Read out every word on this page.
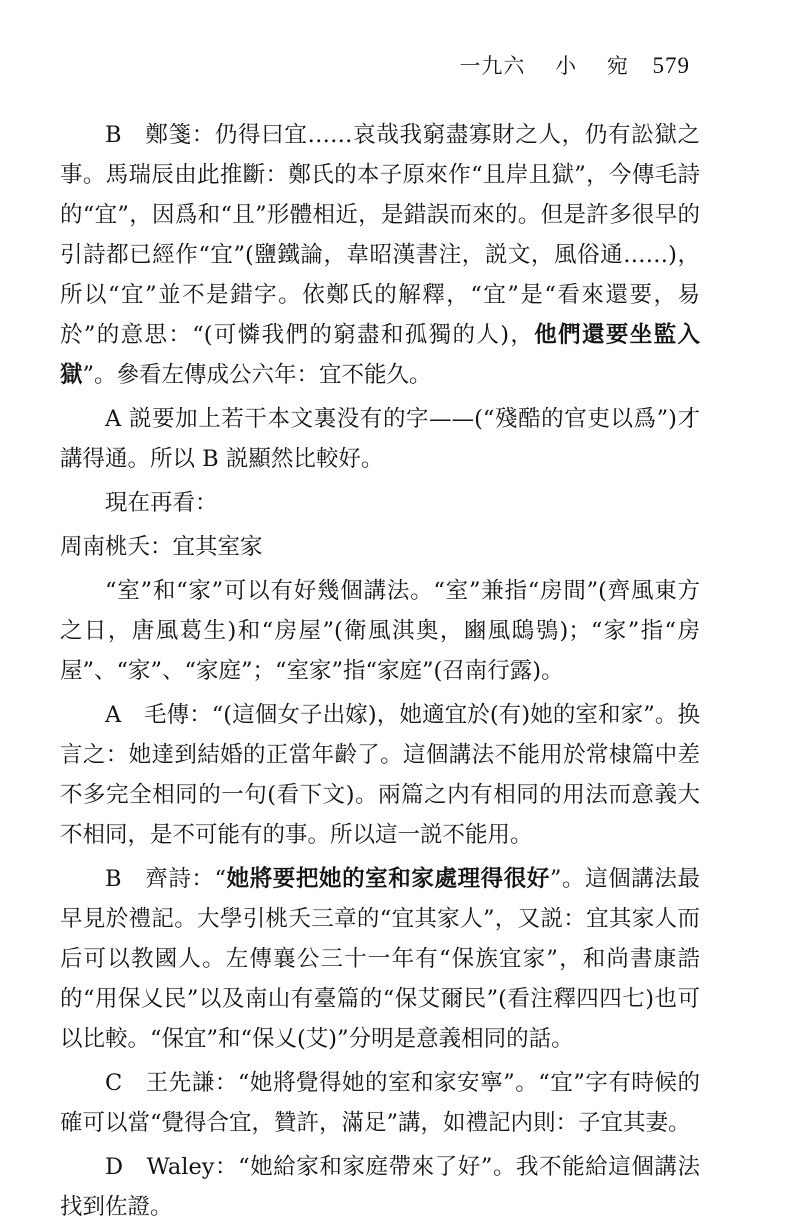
一九六 小 宛 579

B　鄭箋：仍得曰宜……哀哉我窮盡寡財之人，仍有訟獄之事。馬瑞辰由此推斷：鄭氏的本子原來作“且岸且獄”，今傳毛詩的“宜”，因爲和“且”形體相近，是錯誤而來的。但是許多很早的引詩都已經作“宜”(鹽鐵論，韋昭漢書注，説文，風俗通……)，所以“宜”並不是錯字。依鄭氏的解釋，“宜”是“看來還要，易於”的意思：“(可憐我們的窮盡和孤獨的人)，他們還要坐監入獄”。參看左傳成公六年：宜不能久。

A 説要加上若干本文裏没有的字——(“殘酷的官吏以爲”)才講得通。所以 B 説顯然比較好。

現在再看：

周南桃夭：宜其室家

“室”和“家”可以有好幾個講法。“室”兼指“房間”(齊風東方之日，唐風葛生)和“房屋”(衛風淇奥，豳風鴟鴞)；“家”指“房屋”、“家”、“家庭”；“室家”指“家庭”(召南行露)。

A　毛傳：“(這個女子出嫁)，她適宜於(有)她的室和家”。换言之：她達到結婚的正當年齡了。這個講法不能用於常棣篇中差不多完全相同的一句(看下文)。兩篇之内有相同的用法而意義大不相同，是不可能有的事。所以這一説不能用。

B　齊詩：“她將要把她的室和家處理得很好”。這個講法最早見於禮記。大學引桃夭三章的“宜其家人”，又説：宜其家人而后可以教國人。左傳襄公三十一年有“保族宜家”，和尚書康誥的“用保乂民”以及南山有臺篇的“保艾爾民”(看注釋四四七)也可以比較。“保宜”和“保乂(艾)”分明是意義相同的話。

C　王先謙：“她將覺得她的室和家安寧”。“宜”字有時候的確可以當“覺得合宜，贊許，滿足”講，如禮記内則：子宜其妻。

D　Waley：“她給家和家庭帶來了好”。我不能給這個講法找到佐證。
